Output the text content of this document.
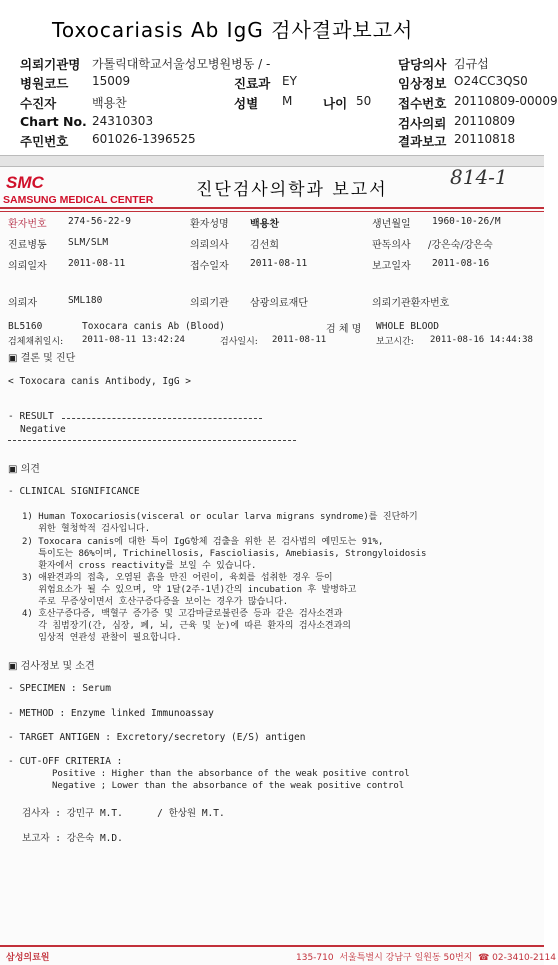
Toxocariasis Ab IgG 검사결과보고서
의뢰기관명 가톨릭대학교서울성모병원병동 / -	담당의사 김규섭
병원코드 15009	진료과 EY	임상정보 O24CC3QS0
수진자	백용찬	성별 M 나이 50 접수번호 20110809-00009
Chart No. 24310303	검사의뢰 20110809
주민번호 601026-1396525	결과보고 20110818
SMC
SAMSUNG MEDICAL CENTER	진단검사의학과 보고서
814-1
환자번호 274-56-22-9	환자성명 백용찬	생년월일 1960-10-26/M
진료병동 SLM/SLM	의뢰의사 김선희	판독의사 /강은숙/강은숙
의뢰일자 2011-08-11	접수일자 2011-08-11	보고일자 2011-08-16
의뢰자	SML180	의뢰기관 삼광의료재단	의뢰기관환자번호
BL5160	Toxocara canis Ab (Blood)	검 체 명 WHOLE BLOOD
검체채취일시: 2011-08-11 13:42:24	검사일시: 2011-08-11	보고시간: 2011-08-16 14:44:38
▣ 결론 및 진단
< Toxocara canis Antibody, IgG >
- RESULT
Negative
▣ 의견
- CLINICAL SIGNIFICANCE
1) Human Toxocariosis(visceral or ocular larva migrans syndrome)를 진단하기
위한 혈청학적 검사입니다.
2) Toxocara canis에 대한 특이 IgG항체 검출을 위한 본 검사법의 예민도는 91%,
특이도는 86%이며, Trichinellosis, Fascioliasis, Amebiasis, Strongyloidosis
환자에서 cross reactivity를 보일 수 있습니다.
3) 애완견과의 접촉, 오염된 흙을 만진 어린이, 육회를 섭취한 경우 등이
위험요소가 될 수 있으며, 약 1달(2주-1년)간의 incubation 후 발병하고
주로 무증상이면서 호산구증다증을 보이는 경우가 많습니다.
4) 호산구증다증, 백혈구 증가증 및 고감마글로불린증 등과 같은 검사소견과
각 침범장기(간, 심장, 폐, 뇌, 근육 및 눈)에 따른 환자의 검사소견과의
임상적 연관성 관찰이 필요합니다.
▣ 검사정보 및 소견
- SPECIMEN : Serum
- METHOD : Enzyme linked Immunoassay
- TARGET ANTIGEN : Excretory/secretory (E/S) antigen
- CUT-OFF CRITERIA :
Positive : Higher than the absorbance of the weak positive control
Negative ; Lower than the absorbance of the weak positive control
검사자 : 강민구 M.T.      / 한상원 M.T.
보고자 : 강은숙 M.D.
삼성의료원	135-710  서울특별시 강남구 일원동 50번지  ☎ 02-3410-2114
